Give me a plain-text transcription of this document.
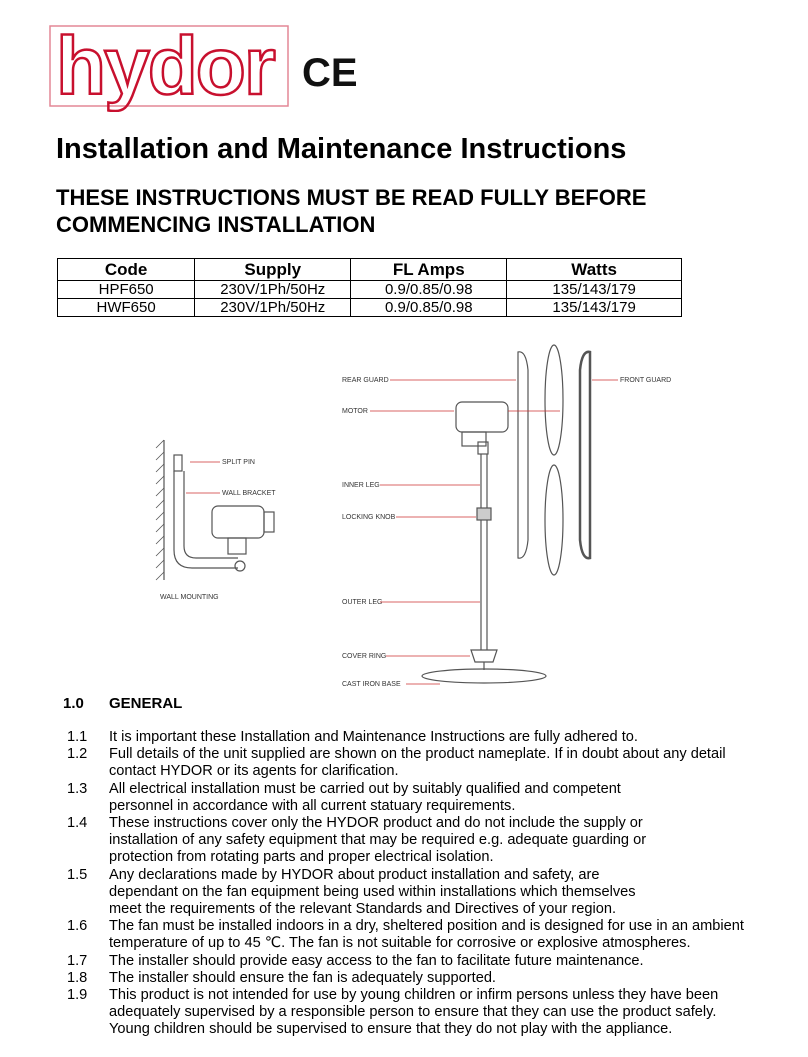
hydor CE
Installation and Maintenance Instructions
THESE INSTRUCTIONS MUST BE READ FULLY BEFORE
COMMENCING INSTALLATION
Code	Supply	FL Amps	Watts
HPF650	230V/1Ph/50Hz	0.9/0.85/0.98	135/143/179
HWF650	230V/1Ph/50Hz	0.9/0.85/0.98	135/143/179
SPLIT PIN
WALL BRACKET
WALL MOUNTING
REAR GUARD	FRONT GUARD
MOTOR
INNER LEG
LOCKING KNOB
OUTER LEG
COVER RING
CAST IRON BASE
1.0 GENERAL
1.1	It is important these Installation and Maintenance Instructions are fully adhered to.
1.2	Full details of the unit supplied are shown on the product nameplate. If in doubt about any detail
contact HYDOR or its agents for clarification.
1.3	All electrical installation must be carried out by suitably qualified and competent
personnel in accordance with all current statuary requirements.
1.4	These instructions cover only the HYDOR product and do not include the supply or
installation of any safety equipment that may be required e.g. adequate guarding or
protection from rotating parts and proper electrical isolation.
1.5	Any declarations made by HYDOR about product installation and safety, are
dependant on the fan equipment being used within installations which themselves
meet the requirements of the relevant Standards and Directives of your region.
1.6	The fan must be installed indoors in a dry, sheltered position and is designed for use in an ambient
temperature of up to 45 ℃. The fan is not suitable for corrosive or explosive atmospheres.
1.7	The installer should provide easy access to the fan to facilitate future maintenance.
1.8	The installer should ensure the fan is adequately supported.
1.9	This product is not intended for use by young children or infirm persons unless they have been
adequately supervised by a responsible person to ensure that they can use the product safely.
Young children should be supervised to ensure that they do not play with the appliance.
